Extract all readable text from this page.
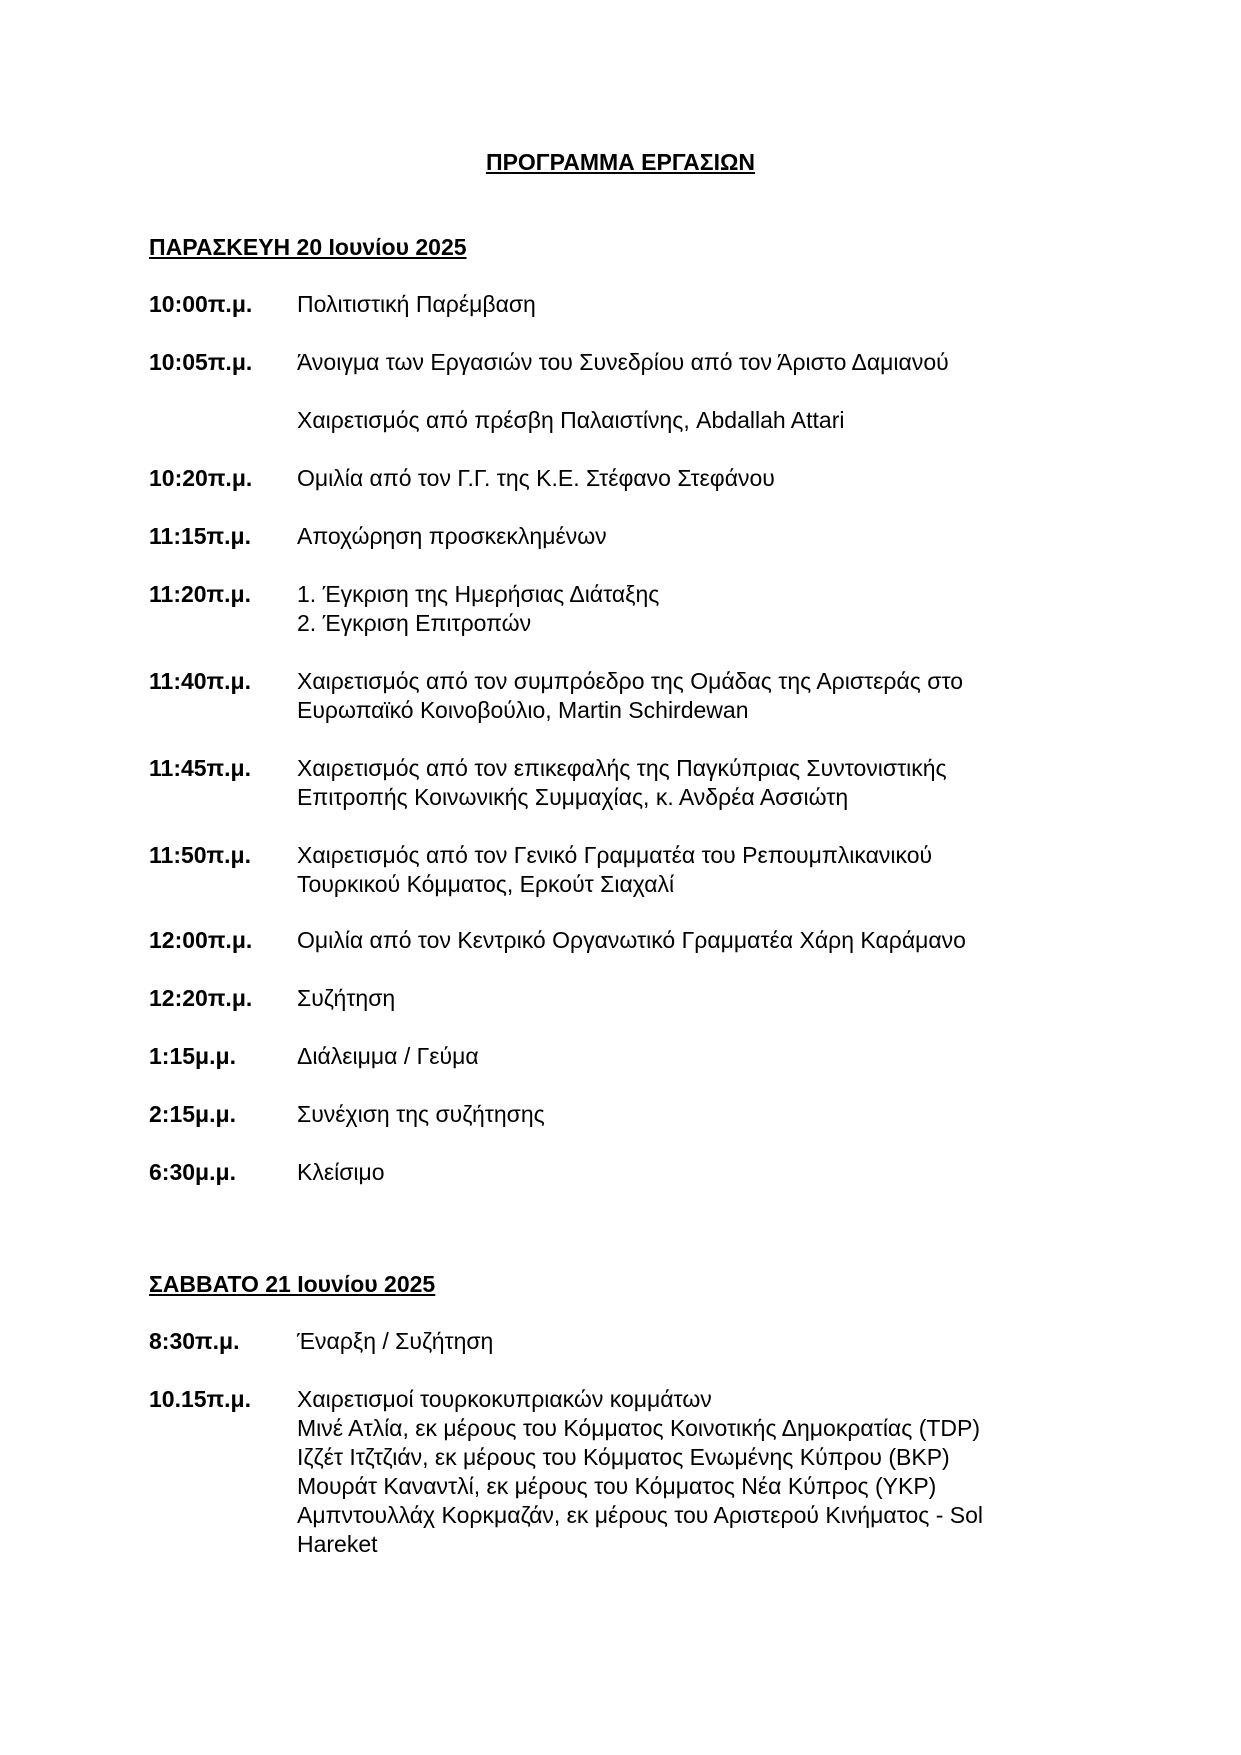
ΠΡΟΓΡΑΜΜΑ ΕΡΓΑΣΙΩΝ
ΠΑΡΑΣΚΕΥΗ 20 Ιουνίου 2025
10:00π.μ. Πολιτιστική Παρέμβαση
10:05π.μ. Άνοιγμα των Εργασιών του Συνεδρίου από τον Άριστο Δαμιανού
Χαιρετισμός από πρέσβη Παλαιστίνης, Abdallah Attari
10:20π.μ. Ομιλία από τον Γ.Γ. της Κ.Ε. Στέφανο Στεφάνου
11:15π.μ. Αποχώρηση προσκεκλημένων
11:20π.μ. 1. Έγκριση της Ημερήσιας Διάταξης
2. Έγκριση Επιτροπών
11:40π.μ. Χαιρετισμός από τον συμπρόεδρο της Ομάδας της Αριστεράς στο
Ευρωπαϊκό Κοινοβούλιο, Martin Schirdewan
11:45π.μ. Χαιρετισμός από τον επικεφαλής της Παγκύπριας Συντονιστικής
Επιτροπής Κοινωνικής Συμμαχίας, κ. Ανδρέα Ασσιώτη
11:50π.μ. Χαιρετισμός από τον Γενικό Γραμματέα του Ρεπουμπλικανικού
Τουρκικού Κόμματος, Ερκούτ Σιαχαλί
12:00π.μ. Ομιλία από τον Κεντρικό Οργανωτικό Γραμματέα Χάρη Καράμανο
12:20π.μ. Συζήτηση
1:15μ.μ.	Διάλειμμα / Γεύμα
2:15μ.μ.	Συνέχιση της συζήτησης
6:30μ.μ.	Κλείσιμο
ΣΑΒΒΑΤΟ 21 Ιουνίου 2025
8:30π.μ.	Έναρξη / Συζήτηση
10.15π.μ. Χαιρετισμοί τουρκοκυπριακών κομμάτων
Μινέ Ατλία, εκ μέρους του Κόμματος Κοινοτικής Δημοκρατίας (TDP)
Ιζζέτ Ιτζτζιάν, εκ μέρους του Κόμματος Ενωμένης Κύπρου (BKP)
Μουράτ Καναντλί, εκ μέρους του Κόμματος Νέα Κύπρος (YKP)
Αμπντουλλάχ Κορκμαζάν, εκ μέρους του Αριστερού Κινήματος - Sol
Hareket
